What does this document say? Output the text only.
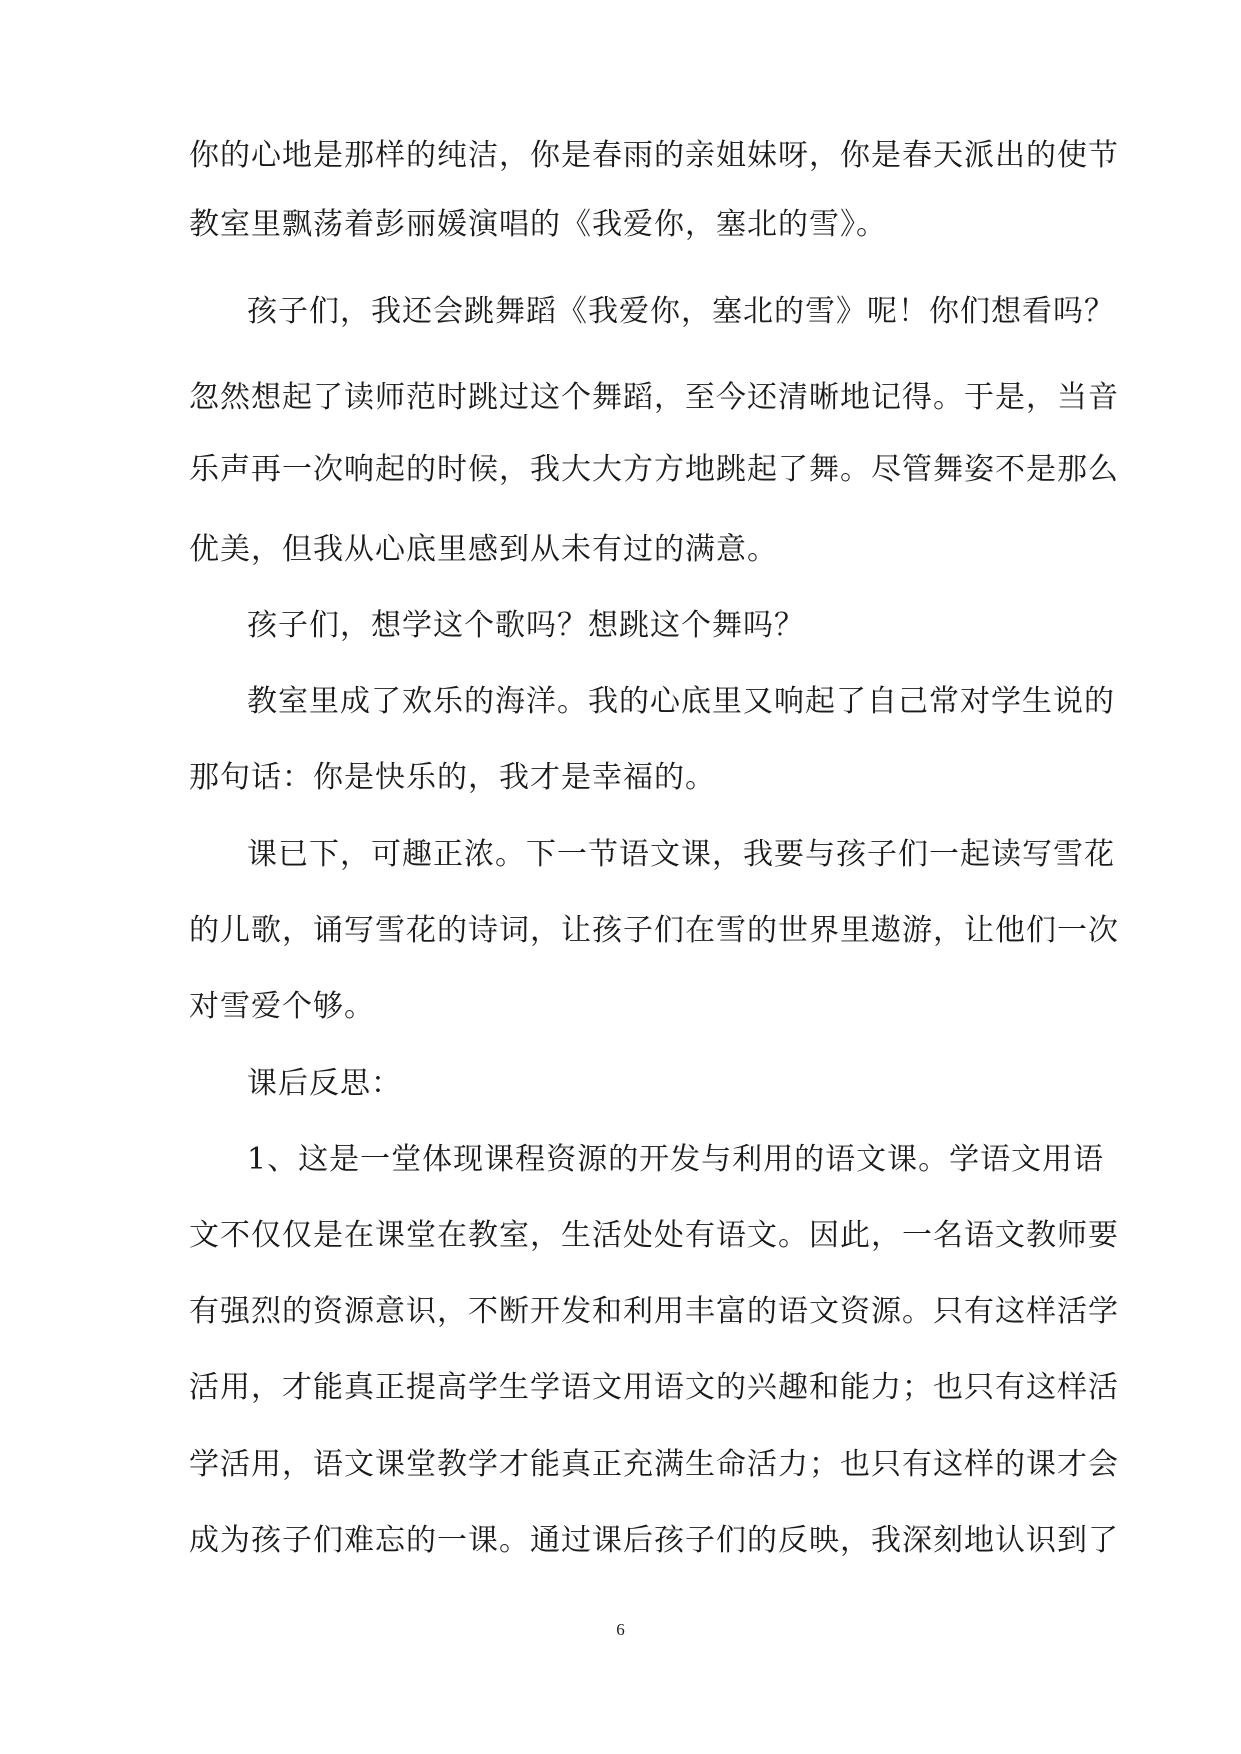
你的心地是那样的纯洁，你是春雨的亲姐妹呀，你是春天派出的使节
教室里飘荡着彭丽媛演唱的《我爱你，塞北的雪》。
孩子们，我还会跳舞蹈《我爱你，塞北的雪》呢！你们想看吗？
忽然想起了读师范时跳过这个舞蹈，至今还清晰地记得。于是，当音
乐声再一次响起的时候，我大大方方地跳起了舞。尽管舞姿不是那么
优美，但我从心底里感到从未有过的满意。
孩子们，想学这个歌吗？想跳这个舞吗？
教室里成了欢乐的海洋。我的心底里又响起了自己常对学生说的
那句话：你是快乐的，我才是幸福的。
课已下，可趣正浓。下一节语文课，我要与孩子们一起读写雪花
的儿歌，诵写雪花的诗词，让孩子们在雪的世界里遨游，让他们一次
对雪爱个够。
课后反思：
1、这是一堂体现课程资源的开发与利用的语文课。学语文用语
文不仅仅是在课堂在教室，生活处处有语文。因此，一名语文教师要
有强烈的资源意识，不断开发和利用丰富的语文资源。只有这样活学
活用，才能真正提高学生学语文用语文的兴趣和能力；也只有这样活
学活用，语文课堂教学才能真正充满生命活力；也只有这样的课才会
成为孩子们难忘的一课。通过课后孩子们的反映，我深刻地认识到了
6
